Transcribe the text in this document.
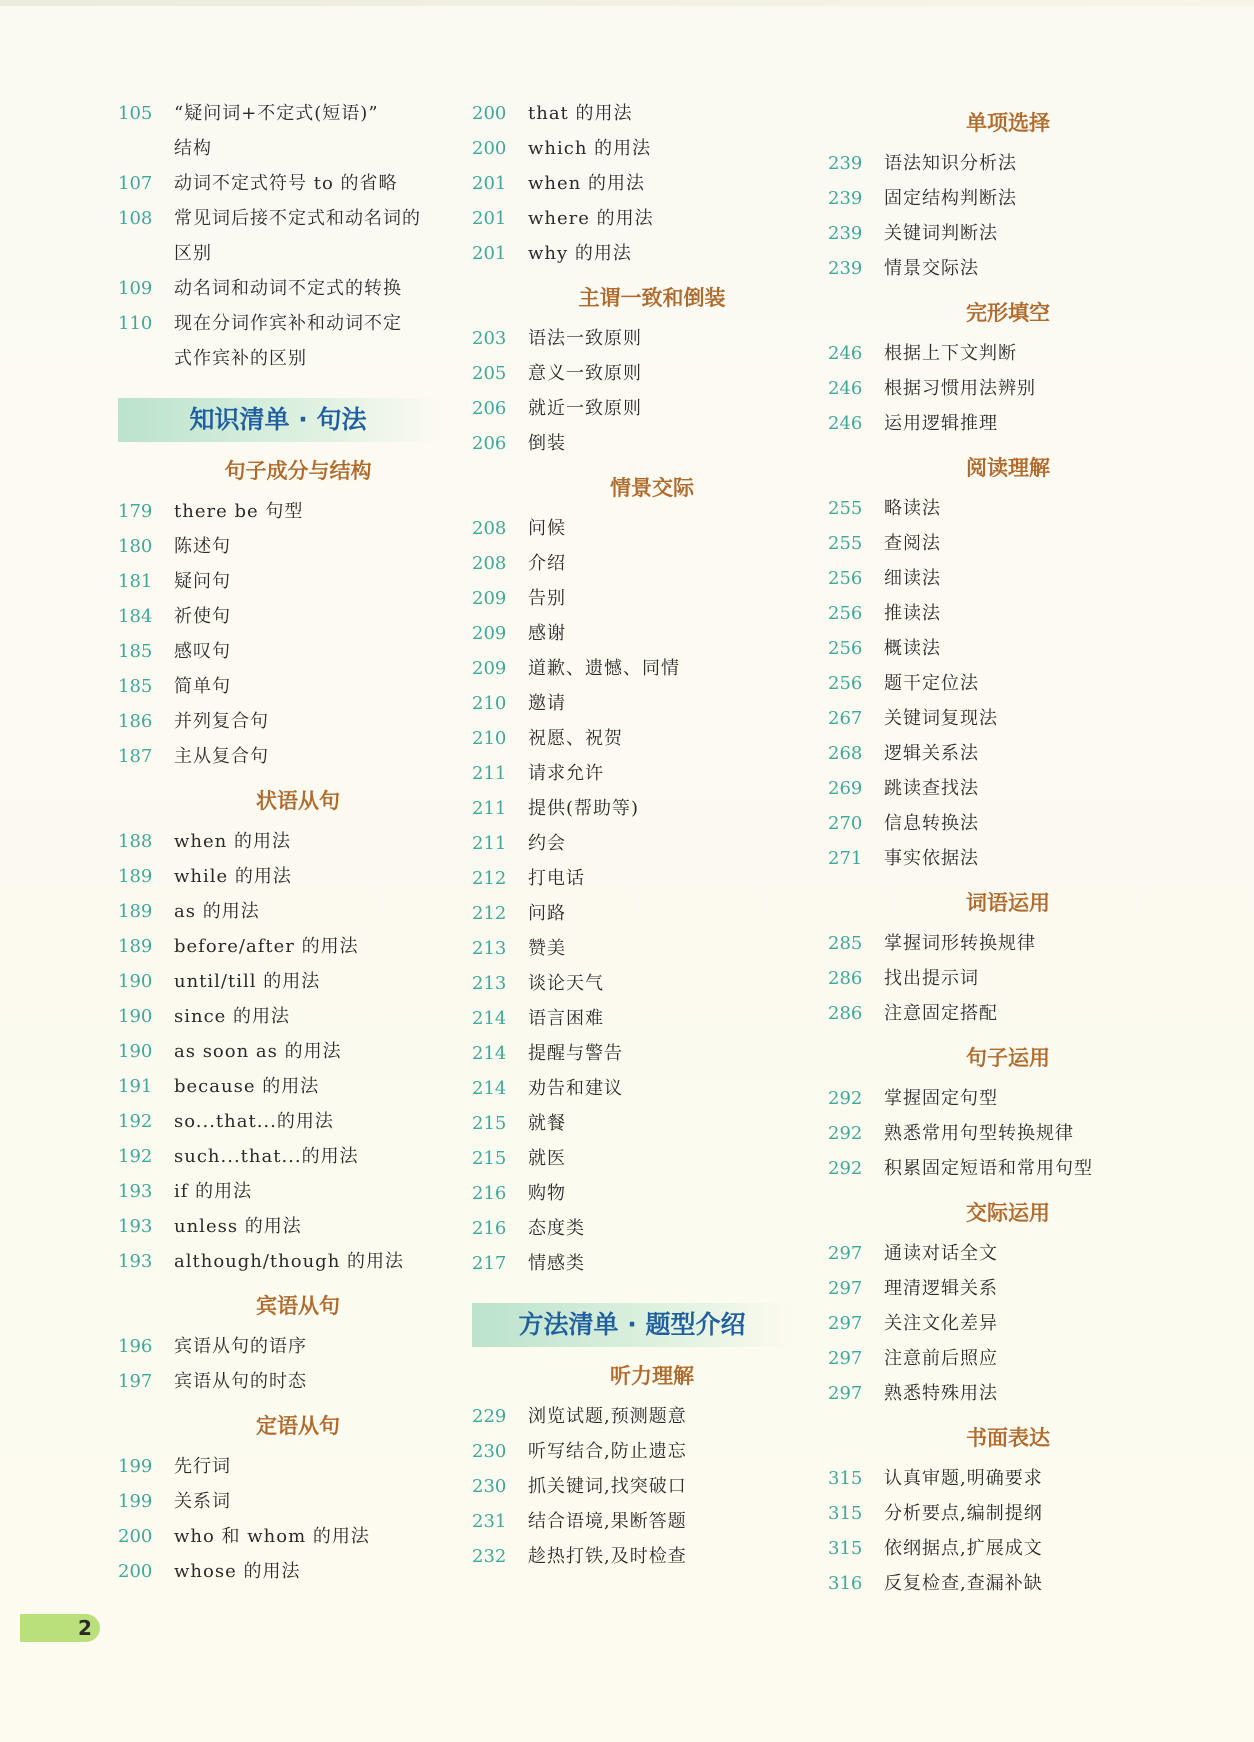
105	“疑问词+不定式(短语)”
结构
107	动词不定式符号 to 的省略
108	常见词后接不定式和动名词的
区别
109	动名词和动词不定式的转换
110	现在分词作宾补和动词不定
式作宾补的区别
知识清单 · 句法
句子成分与结构
179	there be 句型
180	陈述句
181	疑问句
184	祈使句
185	感叹句
185	简单句
186	并列复合句
187	主从复合句
状语从句
188	when 的用法
189	while 的用法
189	as 的用法
189	before/after 的用法
190	until/till 的用法
190	since 的用法
190	as soon as 的用法
191	because 的用法
192	so...that...的用法
192	such...that...的用法
193	if 的用法
193	unless 的用法
193	although/though 的用法
宾语从句
196	宾语从句的语序
197	宾语从句的时态
定语从句
199	先行词
199	关系词
200	who 和 whom 的用法
200	whose 的用法
200	that 的用法
200	which 的用法
201	when 的用法
201	where 的用法
201	why 的用法
主谓一致和倒装
203	语法一致原则
205	意义一致原则
206	就近一致原则
206	倒装
情景交际
208	问候
208	介绍
209	告别
209	感谢
209	道歉、遗憾、同情
210	邀请
210	祝愿、祝贺
211	请求允许
211	提供(帮助等)
211	约会
212	打电话
212	问路
213	赞美
213	谈论天气
214	语言困难
214	提醒与警告
214	劝告和建议
215	就餐
215	就医
216	购物
216	态度类
217	情感类
方法清单 · 题型介绍
听力理解
229	浏览试题,预测题意
230	听写结合,防止遗忘
230	抓关键词,找突破口
231	结合语境,果断答题
232	趁热打铁,及时检查
单项选择
239	语法知识分析法
239	固定结构判断法
239	关键词判断法
239	情景交际法
完形填空
246	根据上下文判断
246	根据习惯用法辨别
246	运用逻辑推理
阅读理解
255	略读法
255	查阅法
256	细读法
256	推读法
256	概读法
256	题干定位法
267	关键词复现法
268	逻辑关系法
269	跳读查找法
270	信息转换法
271	事实依据法
词语运用
285	掌握词形转换规律
286	找出提示词
286	注意固定搭配
句子运用
292	掌握固定句型
292	熟悉常用句型转换规律
292	积累固定短语和常用句型
交际运用
297	通读对话全文
297	理清逻辑关系
297	关注文化差异
297	注意前后照应
297	熟悉特殊用法
书面表达
315	认真审题,明确要求
315	分析要点,编制提纲
315	依纲据点,扩展成文
316	反复检查,查漏补缺
2
